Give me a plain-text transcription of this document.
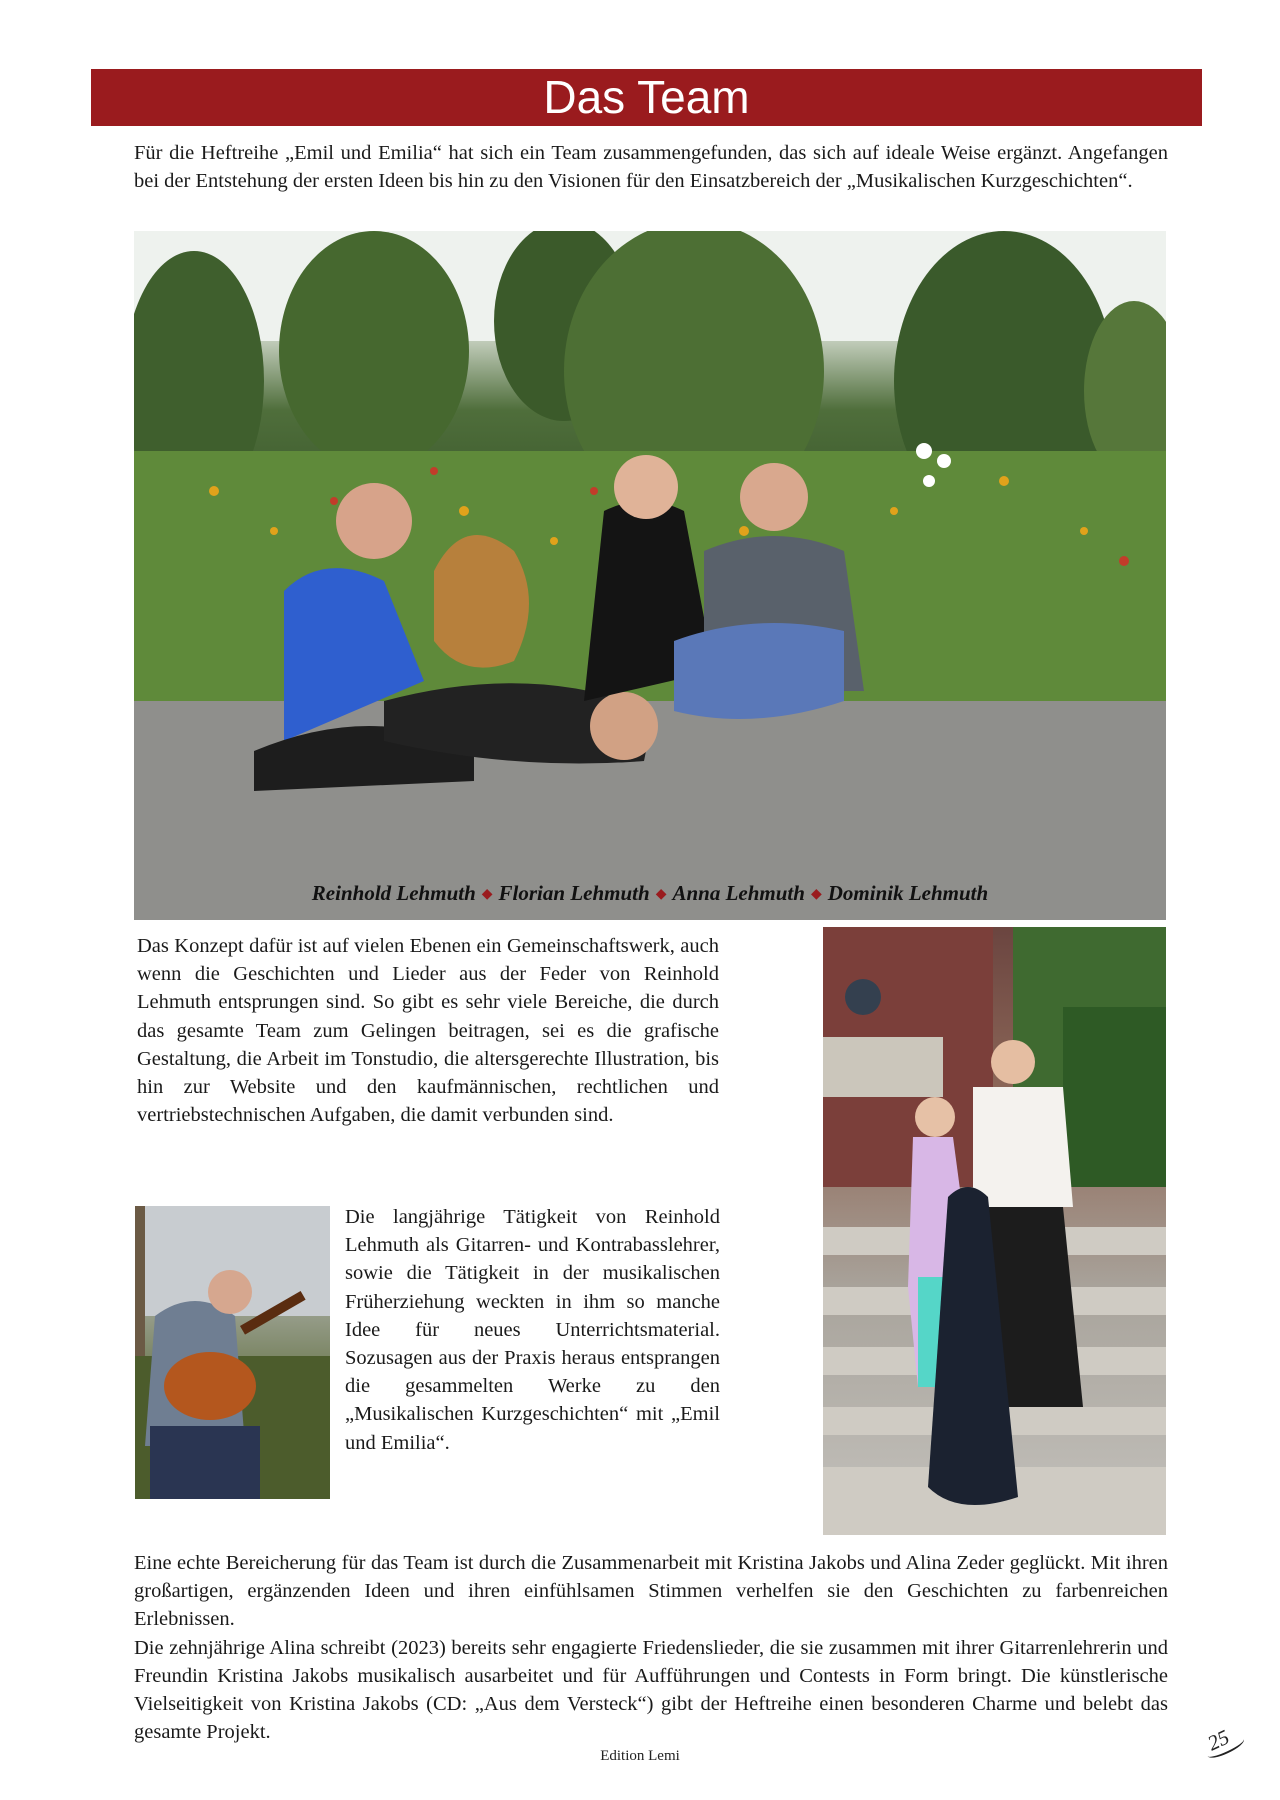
Das Team

Für die Heftreihe „Emil und Emilia“ hat sich ein Team zusammengefunden, das sich auf ideale Weise ergänzt. Angefangen bei der Entstehung der ersten Ideen bis hin zu den Visionen für den Einsatzbereich der „Musikalischen Kurzgeschichten“.

Reinhold Lehmuth ◆ Florian Lehmuth ◆ Anna Lehmuth ◆ Dominik Lehmuth

Das Konzept dafür ist auf vielen Ebenen ein Gemeinschaftswerk, auch wenn die Geschichten und Lieder aus der Feder von Reinhold Lehmuth entsprungen sind. So gibt es sehr viele Bereiche, die durch das gesamte Team zum Gelingen beitragen, sei es die grafische Gestaltung, die Arbeit im Tonstudio, die altersgerechte Illustration, bis hin zur Website und den kaufmännischen, rechtlichen und vertriebstechnischen Aufgaben, die damit verbunden sind.

Die langjährige Tätigkeit von Reinhold Lehmuth als Gitarren- und Kontrabasslehrer, sowie die Tätigkeit in der musikalischen Früherziehung weckten in ihm so manche Idee für neues Unterrichtsmaterial. Sozusagen aus der Praxis heraus entsprangen die gesammelten Werke zu den „Musikalischen Kurzgeschichten“ mit „Emil und Emilia“.

Eine echte Bereicherung für das Team ist durch die Zusammenarbeit mit Kristina Jakobs und Alina Zeder geglückt. Mit ihren großartigen, ergänzenden Ideen und ihren einfühlsamen Stimmen verhelfen sie den Geschichten zu farbenreichen Erlebnissen.

Die zehnjährige Alina schreibt (2023) bereits sehr engagierte Friedenslieder, die sie zusammen mit ihrer Gitarrenlehrerin und Freundin Kristina Jakobs musikalisch ausarbeitet und für Aufführungen und Contests in Form bringt. Die künstlerische Vielseitigkeit von Kristina Jakobs (CD: „Aus dem Versteck“) gibt der Heftreihe einen besonderen Charme und belebt das gesamte Projekt.

Edition Lemi
25
